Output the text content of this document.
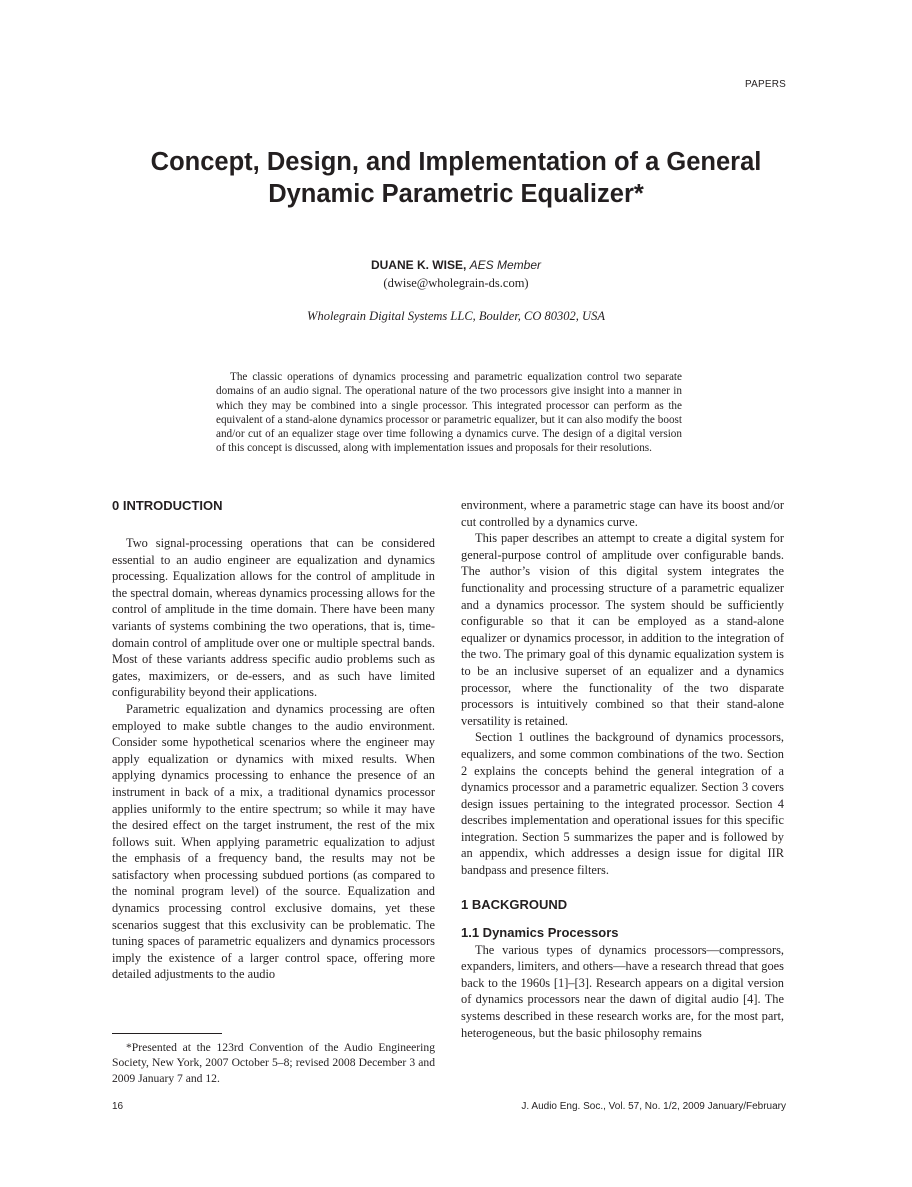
PAPERS
Concept, Design, and Implementation of a General
Dynamic Parametric Equalizer*
DUANE K. WISE, AES Member
(dwise@wholegrain-ds.com)
Wholegrain Digital Systems LLC, Boulder, CO 80302, USA

The classic operations of dynamics processing and parametric equalization control two separate domains of an audio signal. The operational nature of the two processors give insight into a manner in which they may be combined into a single processor. This integrated processor can perform as the equivalent of a stand-alone dynamics processor or parametric equalizer, but it can also modify the boost and/or cut of an equalizer stage over time following a dynamics curve. The design of a digital version of this concept is discussed, along with implementation issues and proposals for their resolutions.

0 INTRODUCTION

Two signal-processing operations that can be considered essential to an audio engineer are equalization and dynamics processing. Equalization allows for the control of amplitude in the spectral domain, whereas dynamics processing allows for the control of amplitude in the time domain. There have been many variants of systems combining the two operations, that is, time-domain control of amplitude over one or multiple spectral bands. Most of these variants address specific audio problems such as gates, maximizers, or de-essers, and as such have limited configurability beyond their applications.

Parametric equalization and dynamics processing are often employed to make subtle changes to the audio environment. Consider some hypothetical scenarios where the engineer may apply equalization or dynamics with mixed results. When applying dynamics processing to enhance the presence of an instrument in back of a mix, a traditional dynamics processor applies uniformly to the entire spectrum; so while it may have the desired effect on the target instrument, the rest of the mix follows suit. When applying parametric equalization to adjust the emphasis of a frequency band, the results may not be satisfactory when processing subdued portions (as compared to the nominal program level) of the source. Equalization and dynamics processing control exclusive domains, yet these scenarios suggest that this exclusivity can be problematic. The tuning spaces of parametric equalizers and dynamics processors imply the existence of a larger control space, offering more detailed adjustments to the audio

*Presented at the 123rd Convention of the Audio Engineering Society, New York, 2007 October 5–8; revised 2008 December 3 and 2009 January 7 and 12.

environment, where a parametric stage can have its boost and/or cut controlled by a dynamics curve.

This paper describes an attempt to create a digital system for general-purpose control of amplitude over configurable bands. The author’s vision of this digital system integrates the functionality and processing structure of a parametric equalizer and a dynamics processor. The system should be sufficiently configurable so that it can be employed as a stand-alone equalizer or dynamics processor, in addition to the integration of the two. The primary goal of this dynamic equalization system is to be an inclusive superset of an equalizer and a dynamics processor, where the functionality of the two disparate processors is intuitively combined so that their stand-alone versatility is retained.

Section 1 outlines the background of dynamics processors, equalizers, and some common combinations of the two. Section 2 explains the concepts behind the general integration of a dynamics processor and a parametric equalizer. Section 3 covers design issues pertaining to the integrated processor. Section 4 describes implementation and operational issues for this specific integration. Section 5 summarizes the paper and is followed by an appendix, which addresses a design issue for digital IIR bandpass and presence filters.

1 BACKGROUND
1.1 Dynamics Processors

The various types of dynamics processors—compressors, expanders, limiters, and others—have a research thread that goes back to the 1960s [1]–[3]. Research appears on a digital version of dynamics processors near the dawn of digital audio [4]. The systems described in these research works are, for the most part, heterogeneous, but the basic philosophy remains

16	J. Audio Eng. Soc., Vol. 57, No. 1/2, 2009 January/February
